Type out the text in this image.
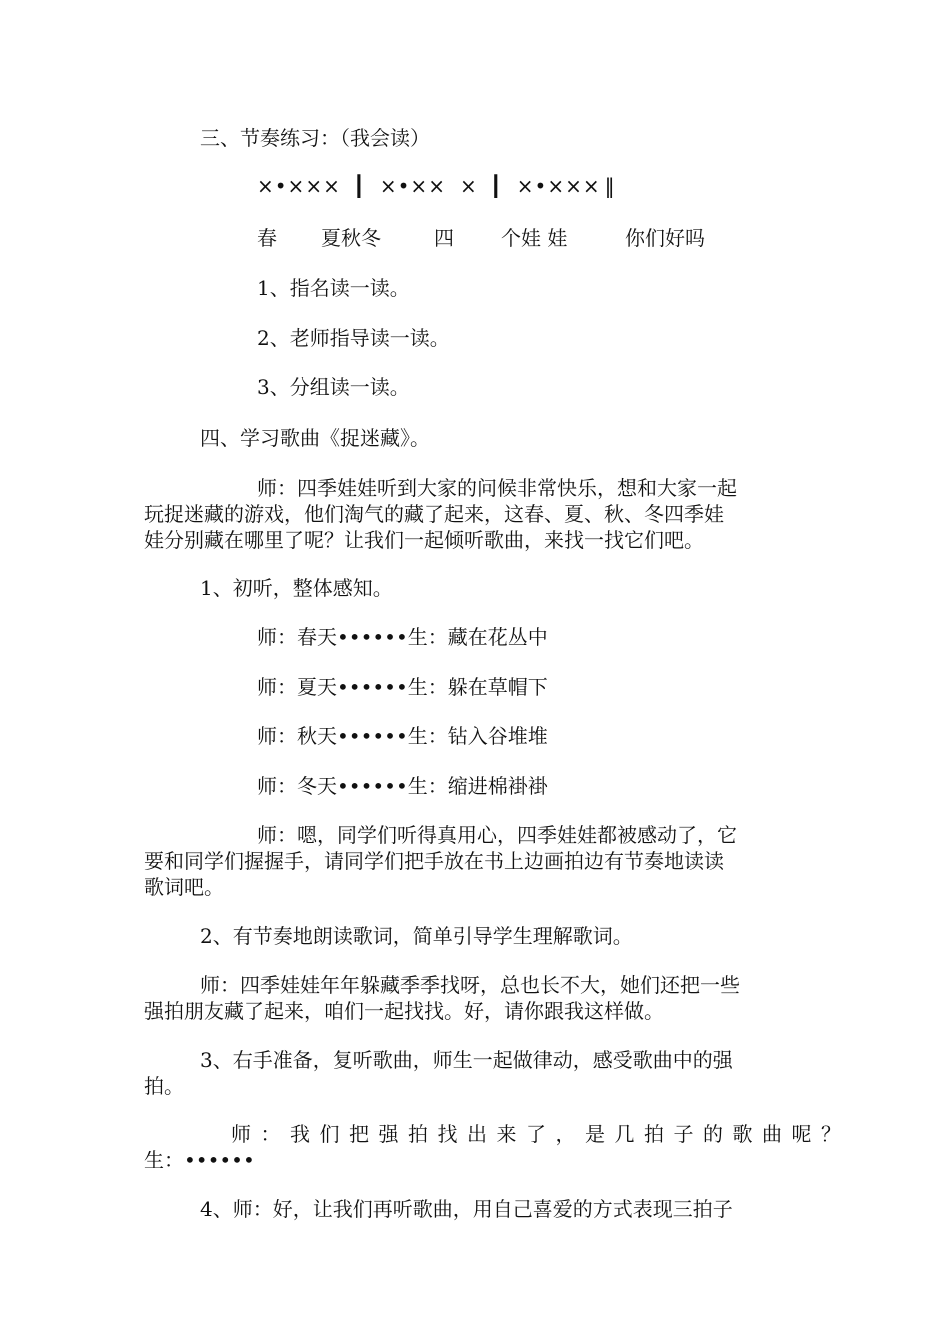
三、节奏练习：（我会读）
×•××× ┃ ×•×× × ┃ ×•××× ‖
春 夏秋冬	四 个娃 娃	你们好吗
1、指名读一读。
2、老师指导读一读。
3、分组读一读。
四、学习歌曲《捉迷藏》。
师：四季娃娃听到大家的问候非常快乐，想和大家一起
玩捉迷藏的游戏，他们淘气的藏了起来，这春、夏、秋、冬四季娃
娃分别藏在哪里了呢？让我们一起倾听歌曲，来找一找它们吧。
1、初听，整体感知。
师：春天••••••生：藏在花丛中
师：夏天••••••生：躲在草帽下
师：秋天••••••生：钻入谷堆堆
师：冬天••••••生：缩进棉褂褂
师：嗯，同学们听得真用心，四季娃娃都被感动了，它
要和同学们握握手，请同学们把手放在书上边画拍边有节奏地读读
歌词吧。
2、有节奏地朗读歌词，简单引导学生理解歌词。
师：四季娃娃年年躲藏季季找呀，总也长不大，她们还把一些
强拍朋友藏了起来，咱们一起找找。好，请你跟我这样做。
3、右手准备，复听歌曲，师生一起做律动，感受歌曲中的强
拍。
师：我们把强拍找出来了，是几拍子的歌曲呢？
生：••••••
4、师：好，让我们再听歌曲，用自己喜爱的方式表现三拍子
